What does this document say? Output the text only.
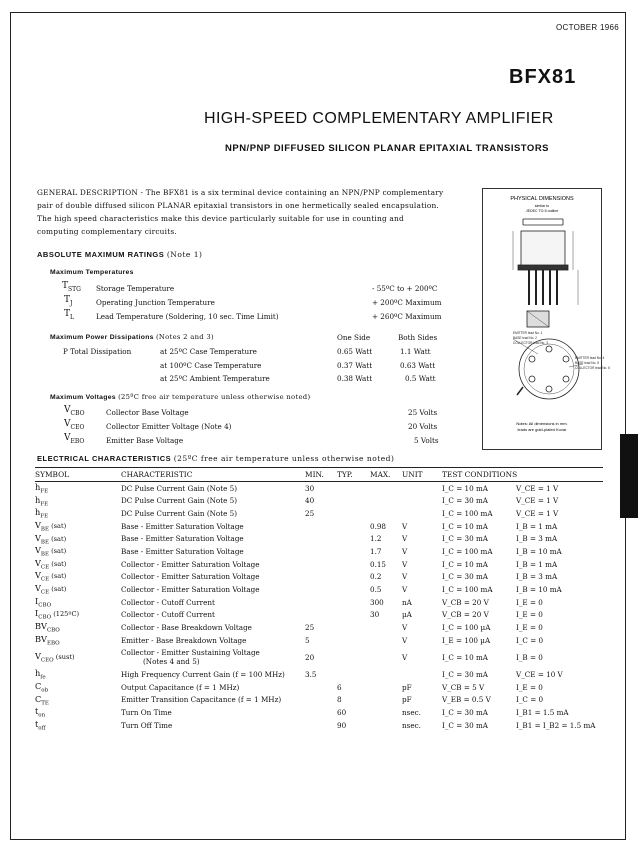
OCTOBER 1966
BFX81
HIGH-SPEED COMPLEMENTARY AMPLIFIER
NPN/PNP DIFFUSED SILICON PLANAR EPITAXIAL TRANSISTORS
GENERAL DESCRIPTION - The BFX81 is a six terminal device containing an NPN/PNP complementary pair of double diffused silicon PLANAR epitaxial transistors in one hermetically sealed encapsulation. The high speed characteristics make this device particularly suitable for use in counting and computing complementary circuits.
PHYSICAL DIMENSIONS
similar to
JEDEC TO-5 outline
EMITTER lead No. 1
BASE lead No. 2
COLLECTOR lead No. 3
EMITTER lead No. 4
BASE lead No. 5
COLLECTOR lead No. 6
Notes: All dimensions in mm.
leads are gold-plated Kovar
ABSOLUTE MAXIMUM RATINGS (Note 1)
Maximum Temperatures
$T_{STG}$ Storage Temperature	- 55ºC to + 200ºC
$T_J$	Operating Junction Temperature	+ 200ºC Maximum
$T_L$	Lead Temperature (Soldering, 10 sec. Time Limit)	+ 260ºC Maximum
Maximum Power Dissipations (Notes 2 and 3)	One Side	Both Sides
P Total Dissipation	at 25ºC Case Temperature	0.65 Watt	1.1 Watt
at 100ºC Case Temperature	0.37 Watt	0.63 Watt
at 25ºC Ambient Temperature	0.38 Watt	0.5 Watt
Maximum Voltages (25ºC free air temperature unless otherwise noted)
$V_{CBO}$	Collector Base Voltage	25 Volts
$V_{CEO}$	Collector Emitter Voltage (Note 4)	20 Volts
$V_{EBO}$	Emitter Base Voltage	5 Volts
ELECTRICAL CHARACTERISTICS (25ºC free air temperature unless otherwise noted)
SYMBOL	CHARACTERISTIC	MIN.	TYP.	MAX.	UNIT	TEST CONDITIONS	
$h_{FE}$	DC Pulse Current Gain (Note 5)	30				I_C = 10 mA	V_CE = 1 V
$h_{FE}$	DC Pulse Current Gain (Note 5)	40				I_C = 30 mA	V_CE = 1 V
$h_{FE}$	DC Pulse Current Gain (Note 5)	25				I_C = 100 mA	V_CE = 1 V
$V_{BE}$ (sat)	Base - Emitter Saturation Voltage			0.98	V	I_C = 10 mA	I_B = 1 mA
$V_{BE}$ (sat)	Base - Emitter Saturation Voltage			1.2	V	I_C = 30 mA	I_B = 3 mA
$V_{BE}$ (sat)	Base - Emitter Saturation Voltage			1.7	V	I_C = 100 mA	I_B = 10 mA
$V_{CE}$ (sat)	Collector - Emitter Saturation Voltage			0.15	V	I_C = 10 mA	I_B = 1 mA
$V_{CE}$ (sat)	Collector - Emitter Saturation Voltage			0.2	V	I_C = 30 mA	I_B = 3 mA
$V_{CE}$ (sat)	Collector - Emitter Saturation Voltage			0.5	V	I_C = 100 mA	I_B = 10 mA
$I_{CBO}$	Collector - Cutoff Current			300	nA	V_CB = 20 V	I_E = 0
$I_{CBO}$ (125ºC)	Collector - Cutoff Current			30	µA	V_CB = 20 V	I_E = 0
$BV_{CBO}$	Collector - Base Breakdown Voltage	25			V	I_C = 100 µA	I_E = 0
$BV_{EBO}$	Emitter - Base Breakdown Voltage	5			V	I_E = 100 µA	I_C = 0
$V_{CEO}$ (sust)	Collector - Emitter Sustaining Voltage
(Notes 4 and 5)	20			V	I_C = 10 mA	I_B = 0
$h_{fe}$	High Frequency Current Gain (f = 100 MHz)	3.5				I_C = 30 mA	V_CE = 10 V
$C_{ob}$	Output Capacitance (f = 1 MHz)		6		pF	V_CB = 5 V	I_E = 0
$C_{TE}$	Emitter Transition Capacitance (f = 1 MHz)		8		pF	V_EB = 0.5 V	I_C = 0
$t_{on}$	Turn On Time		60		nsec.	I_C = 30 mA	I_B1 = 1.5 mA
$t_{off}$	Turn Off Time		90		nsec.	I_C = 30 mA	I_B1 = I_B2 = 1.5 mA
